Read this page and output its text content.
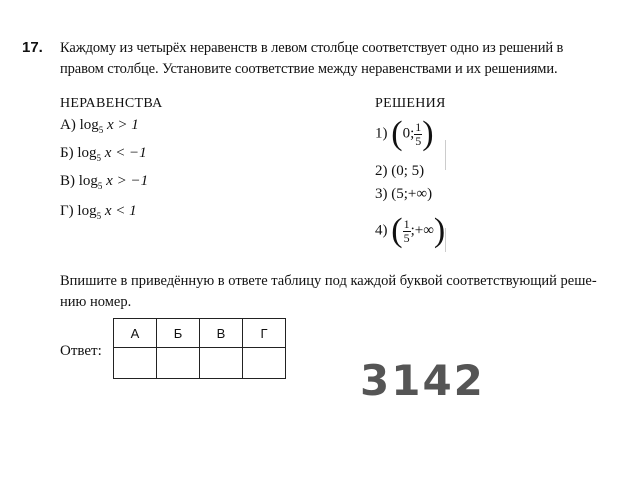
17. Каждому из четырёх неравенств в левом столбце соответствует одно из решений в
правом столбце. Установите соответствие между неравенствами и их решениями.
НЕРАВЕНСТВА
А) $\log_5 x > 1$
Б) $\log_5 x < -1$
В) $\log_5 x > -1$
Г) $\log_5 x < 1$
РЕШЕНИЯ
1) (0; $\frac{1}{5}$ )
2) (0; 5)
3) (5;+∞)
4) ( $\frac{1}{5}$ ;+∞)
Впишите в приведённую в ответе таблицу под каждой буквой соответствующий реше-
нию номер.
Ответ:
А	Б	В	Г

3142
